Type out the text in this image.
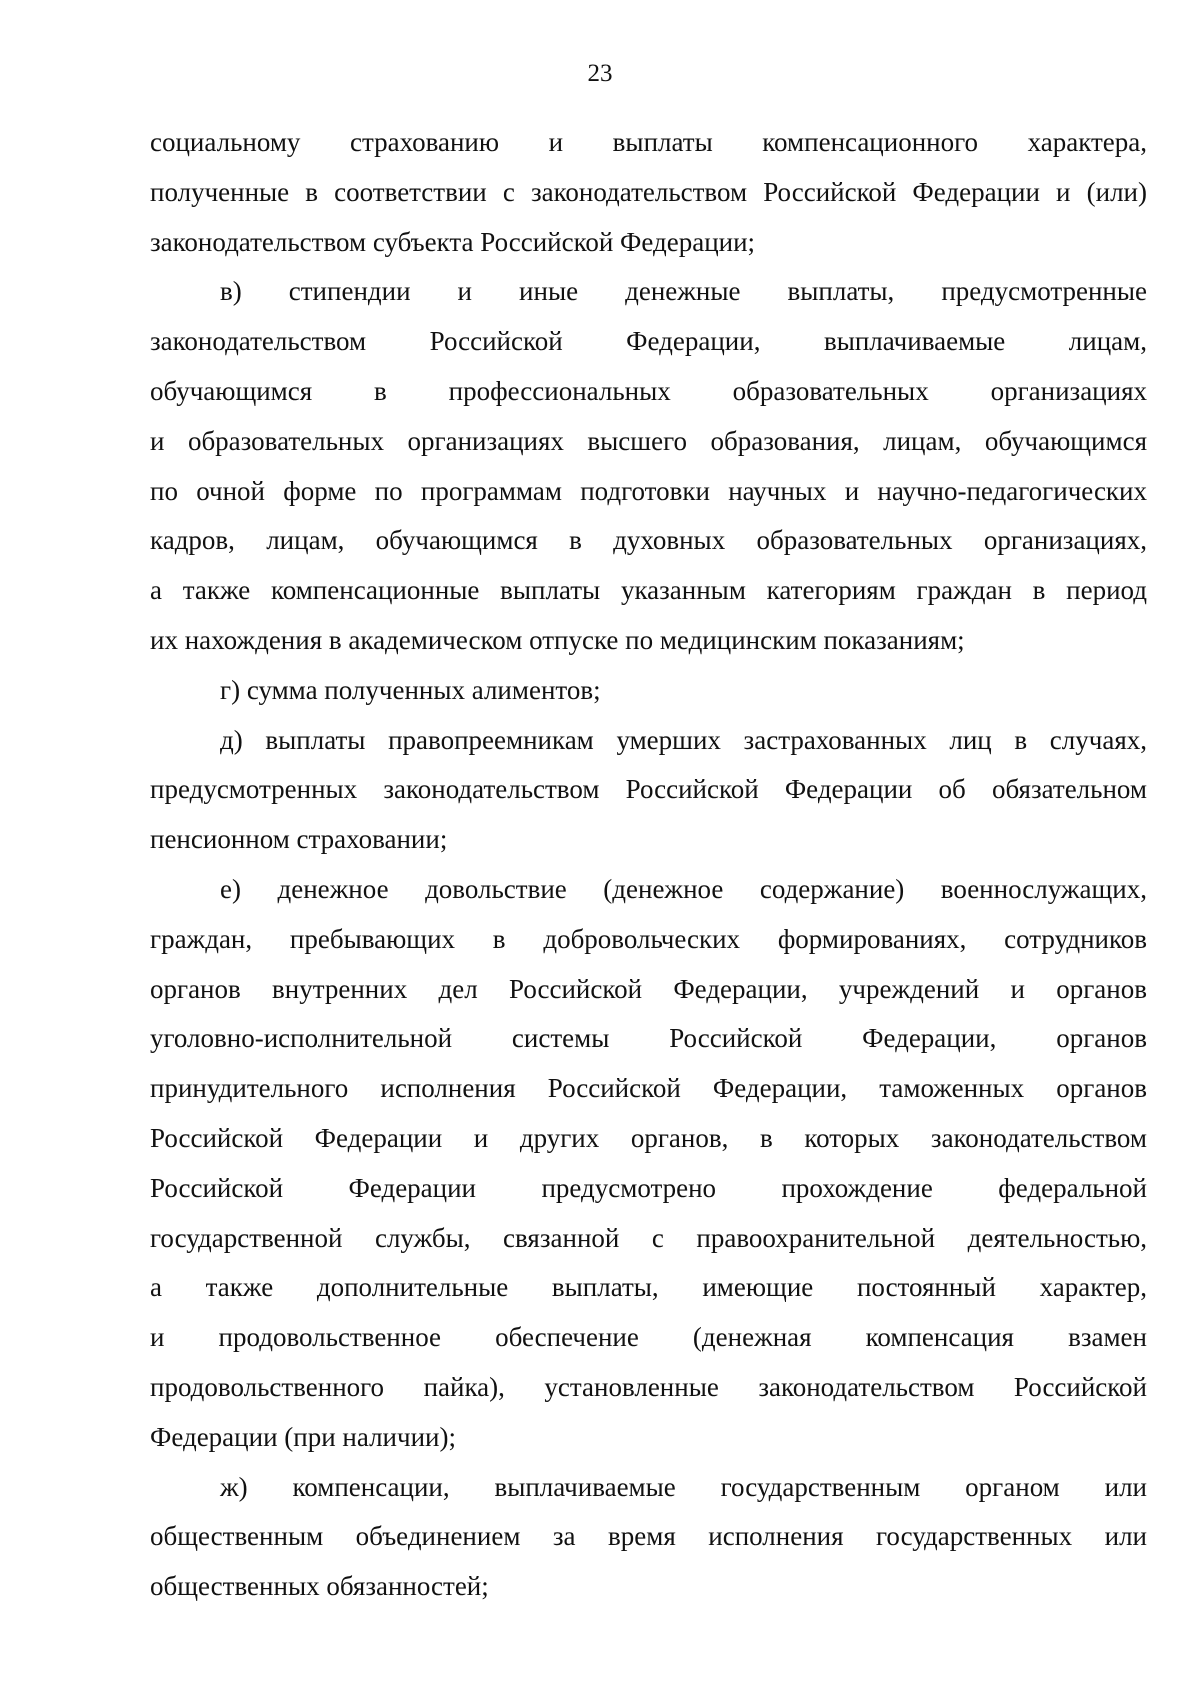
23
социальному страхованию и выплаты компенсационного характера,
полученные в соответствии с законодательством Российской Федерации и (или)
законодательством субъекта Российской Федерации;
в) стипендии и иные денежные выплаты, предусмотренные
законодательством Российской Федерации, выплачиваемые лицам,
обучающимся в профессиональных образовательных организациях
и образовательных организациях высшего образования, лицам, обучающимся
по очной форме по программам подготовки научных и научно-педагогических
кадров, лицам, обучающимся в духовных образовательных организациях,
а также компенсационные выплаты указанным категориям граждан в период
их нахождения в академическом отпуске по медицинским показаниям;
г) сумма полученных алиментов;
д) выплаты правопреемникам умерших застрахованных лиц в случаях,
предусмотренных законодательством Российской Федерации об обязательном
пенсионном страховании;
е) денежное довольствие (денежное содержание) военнослужащих,
граждан, пребывающих в добровольческих формированиях, сотрудников
органов внутренних дел Российской Федерации, учреждений и органов
уголовно-исполнительной системы Российской Федерации, органов
принудительного исполнения Российской Федерации, таможенных органов
Российской Федерации и других органов, в которых законодательством
Российской Федерации предусмотрено прохождение федеральной
государственной службы, связанной с правоохранительной деятельностью,
а также дополнительные выплаты, имеющие постоянный характер,
и продовольственное обеспечение (денежная компенсация взамен
продовольственного пайка), установленные законодательством Российской
Федерации (при наличии);
ж) компенсации, выплачиваемые государственным органом или
общественным объединением за время исполнения государственных или
общественных обязанностей;
